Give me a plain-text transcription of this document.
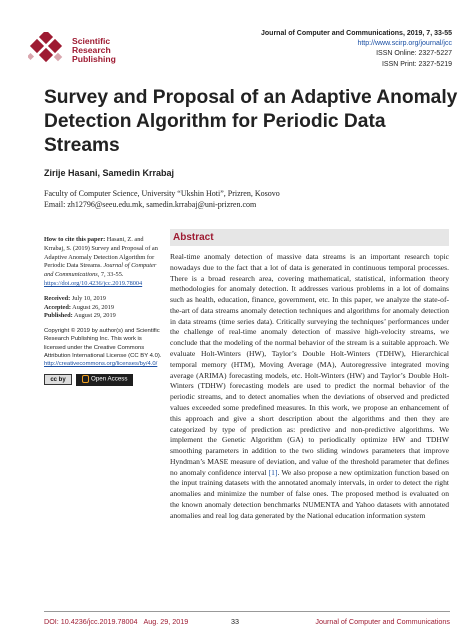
Scientific
Research
Publishing
Journal of Computer and Communications, 2019, 7, 33-55
http://www.scirp.org/journal/jcc
ISSN Online: 2327-5227
ISSN Print: 2327-5219
Survey and Proposal of an Adaptive Anomaly Detection Algorithm for Periodic Data Streams
Zirije Hasani, Samedin Krrabaj
Faculty of Computer Science, University “Ukshin Hoti”, Prizren, Kosovo
Email: zh12796@seeu.edu.mk, samedin.krrabaj@uni-prizren.com

How to cite this paper: Hasani, Z. and Krrabaj, S. (2019) Survey and Proposal of an Adaptive Anomaly Detection Algorithm for Periodic Data Streams. Journal of Computer and Communications, 7, 33-55. https://doi.org/10.4236/jcc.2019.78004

Received: July 10, 2019
Accepted: August 26, 2019
Published: August 29, 2019

Copyright © 2019 by author(s) and Scientific Research Publishing Inc. This work is licensed under the Creative Commons Attribution International License (CC BY 4.0).
http://creativecommons.org/licenses/by/4.0/

cc by	Open Access
Abstract
Real-time anomaly detection of massive data streams is an important research topic nowadays due to the fact that a lot of data is generated in continuous temporal processes. There is a broad research area, covering mathematical, statistical, information theory methodologies for anomaly detection. It addresses various problems in a lot of domains such as health, education, finance, government, etc. In this paper, we analyze the state-of-the-art of data streams anomaly detection techniques and algorithms for anomaly detection in data streams (time series data). Critically surveying the techniques’ performances under the challenge of real-time anomaly detection of massive high-velocity streams, we conclude that the modeling of the normal behavior of the stream is a suitable approach. We evaluate Holt-Winters (HW), Taylor’s Double Holt-Winters (TDHW), Hierarchical temporal memory (HTM), Moving Average (MA), Autoregressive integrated moving average (ARIMA) forecasting models, etc. Holt-Winters (HW) and Taylor’s Double Holt-Winters (TDHW) forecasting models are used to predict the normal behavior of the periodic streams, and to detect anomalies when the deviations of observed and predicted values exceeded some predefined measures. In this work, we propose an enhancement of this approach and give a short description about the algorithms and then they are categorized by type of prediction as: predictive and non-predictive algorithms. We implement the Genetic Algorithm (GA) to periodically optimize HW and TDHW smoothing parameters in addition to the two sliding windows parameters that improve Hyndman’s MASE measure of deviation, and value of the threshold parameter that defines no anomaly confidence interval [1]. We also propose a new optimization function based on the input training datasets with the annotated anomaly intervals, in order to detect the right anomalies and minimize the number of false ones. The proposed method is evaluated on the known anomaly detection benchmarks NUMENTA and Yahoo datasets with annotated anomalies and real log data generated by the National education information system
DOI: 10.4236/jcc.2019.78004 Aug. 29, 2019	33	Journal of Computer and Communications
